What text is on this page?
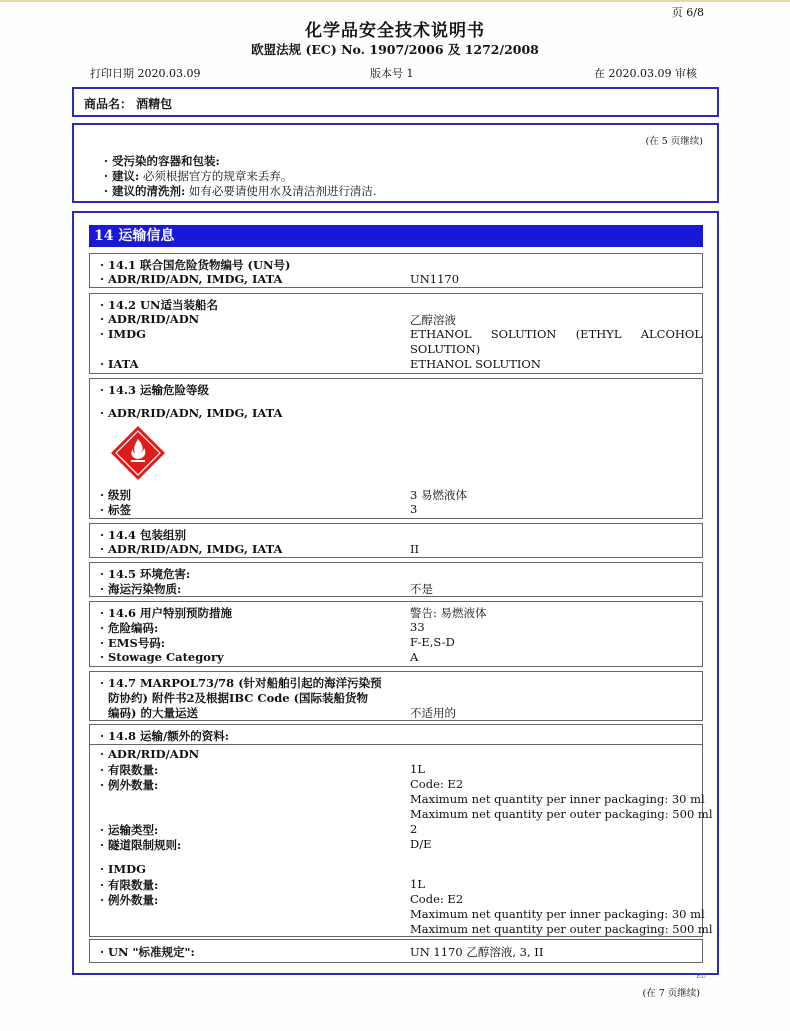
页 6/8
化学品安全技术说明书
欧盟法规 (EC) No. 1907/2006 及 1272/2008
打印日期 2020.03.09	版本号 1	在 2020.03.09 审核
商品名： 酒精包
(在 5 页继续)
· 受污染的容器和包装:
· 建议: 必须根据官方的规章来丢弃。
· 建议的清洗剂: 如有必要请使用水及清洁剂进行清洁.
14 运输信息
· 14.1 联合国危险货物编号 (UN号)
· ADR/RID/ADN, IMDG, IATA	UN1170
· 14.2 UN适当装船名
· ADR/RID/ADN	乙醇溶液
· IMDG	ETHANOL SOLUTION (ETHYL ALCOHOL
SOLUTION)
· IATA	ETHANOL SOLUTION
· 14.3 运输危险等级
· ADR/RID/ADN, IMDG, IATA
· 级别	3 易燃液体
· 标签	3
· 14.4 包装组别
· ADR/RID/ADN, IMDG, IATA	II
· 14.5 环境危害:
· 海运污染物质:	不是
· 14.6 用户特别预防措施	警告: 易燃液体
· 危险编码:	33
· EMS号码:	F-E,S-D
· Stowage Category	A
· 14.7 MARPOL73/78 (针对船舶引起的海洋污染预
防协约) 附件书2及根据IBC Code (国际装船货物
编码) 的大量运送	不适用的
· 14.8 运输/额外的资料:
· ADR/RID/ADN
· 有限数量:	1L
· 例外数量:	Code: E2
Maximum net quantity per inner packaging: 30 ml
Maximum net quantity per outer packaging: 500 ml
· 运输类型:	2
· 隧道限制规则:	D/E
· IMDG
· 有限数量:	1L
· 例外数量:	Code: E2
Maximum net quantity per inner packaging: 30 ml
Maximum net quantity per outer packaging: 500 ml
· UN "标准规定":	UN 1170 乙醇溶液, 3, II
EU
(在 7 页继续)
